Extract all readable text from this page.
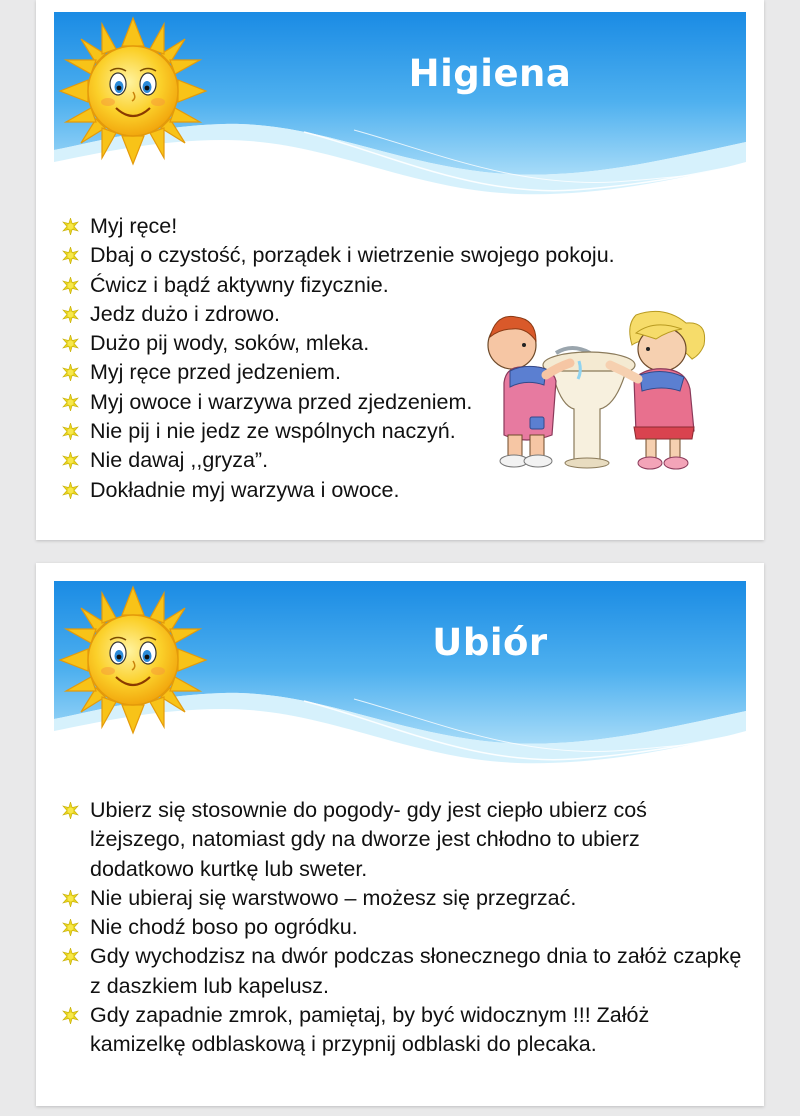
Higiena
Myj ręce!
Dbaj o czystość, porządek i wietrzenie swojego pokoju.
Ćwicz i bądź aktywny fizycznie.
Jedz dużo i zdrowo.
Dużo pij wody, soków, mleka.
Myj ręce przed jedzeniem.
Myj owoce i warzywa przed zjedzeniem.
Nie pij i nie jedz ze wspólnych naczyń.
Nie dawaj ,,gryza”.
Dokładnie myj warzywa i owoce.
Ubiór
Ubierz się stosownie do pogody- gdy jest ciepło ubierz coś lżejszego, natomiast gdy na dworze jest chłodno to ubierz dodatkowo kurtkę lub sweter.
Nie ubieraj się warstwowo – możesz się przegrzać.
Nie chodź boso po ogródku.
Gdy wychodzisz na dwór podczas słonecznego dnia to załóż czapkę z daszkiem lub kapelusz.
Gdy zapadnie zmrok, pamiętaj, by być widocznym !!! Załóż kamizelkę odblaskową i przypnij odblaski do plecaka.
